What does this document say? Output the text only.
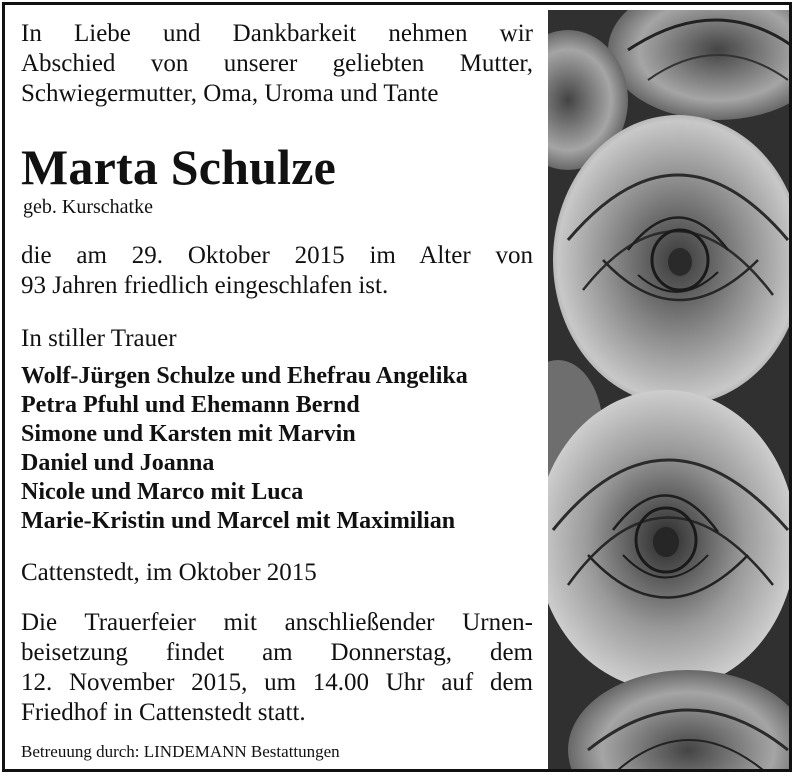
In Liebe und Dankbarkeit nehmen wir

Abschied von unserer geliebten Mutter,

Schwiegermutter, Oma, Uroma und Tante

Marta Schulze

geb. Kurschatke

die am 29. Oktober 2015 im Alter von

93 Jahren friedlich eingeschlafen ist.

In stiller Trauer

Wolf-Jürgen Schulze und Ehefrau Angelika

Petra Pfuhl und Ehemann Bernd

Simone und Karsten mit Marvin

Daniel und Joanna

Nicole und Marco mit Luca

Marie-Kristin und Marcel mit Maximilian

Cattenstedt, im Oktober 2015

Die Trauerfeier mit anschließender Urnen-

beisetzung findet am Donnerstag, dem

12. November 2015, um 14.00 Uhr auf dem

Friedhof in Cattenstedt statt.

Betreuung durch: LINDEMANN Bestattungen
